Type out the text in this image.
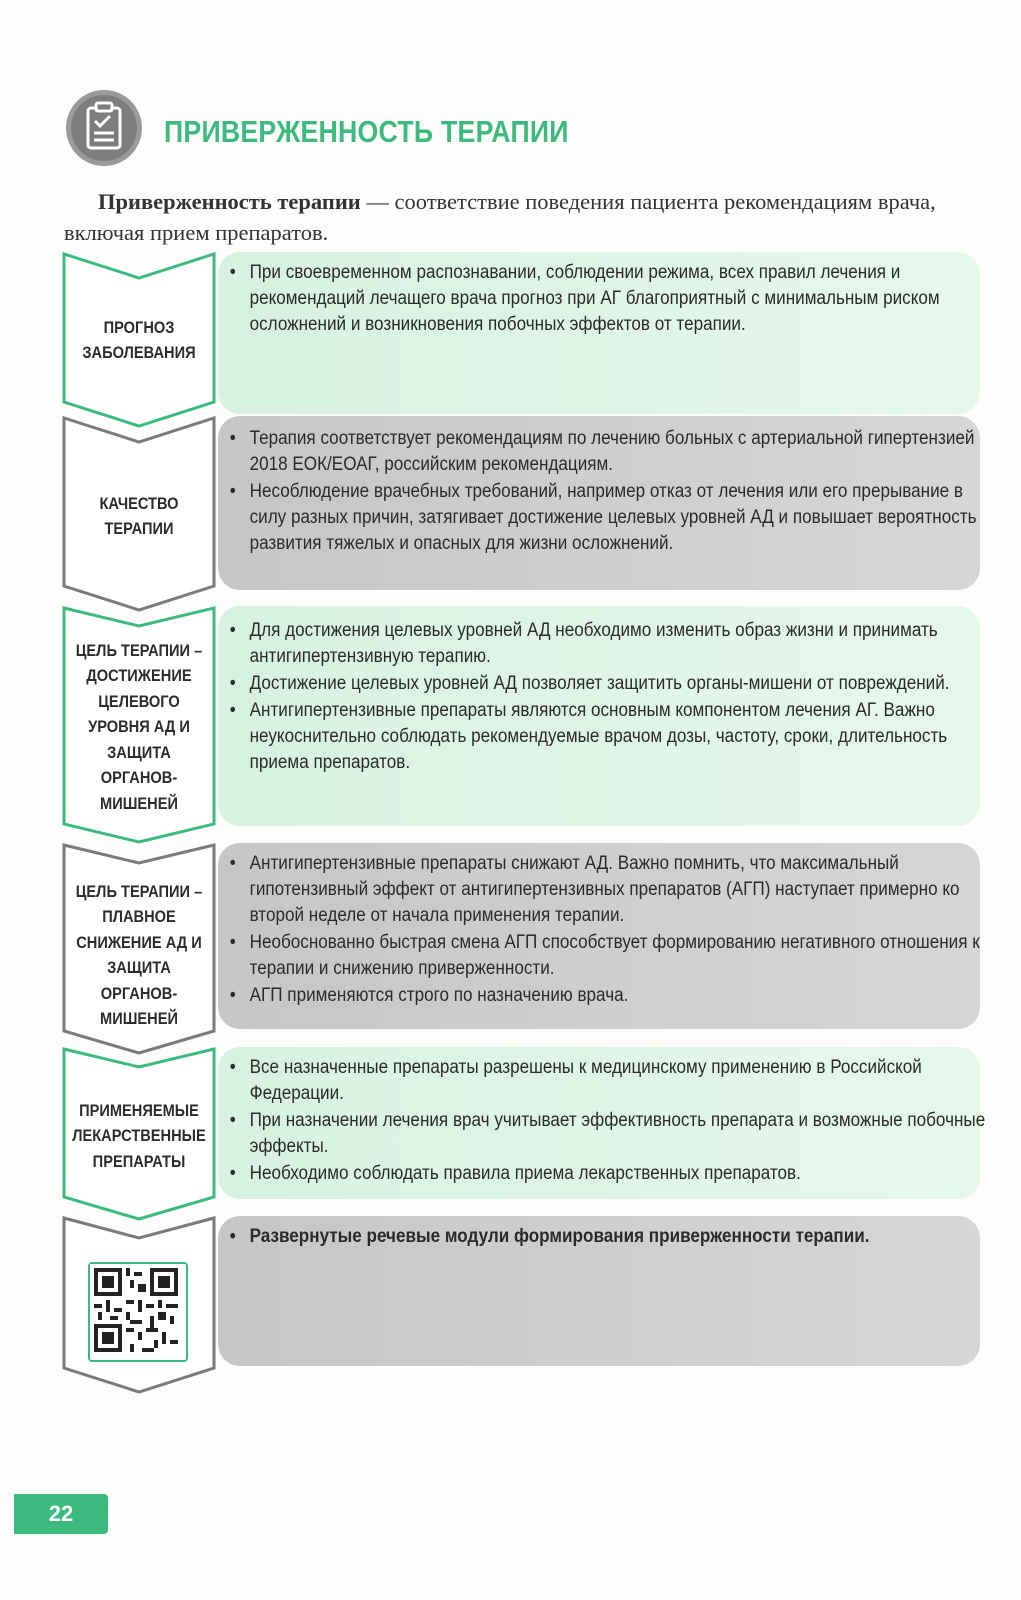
ПРИВЕРЖЕННОСТЬ ТЕРАПИИ

Приверженность терапии — соответствие поведения пациента рекомендациям врача, включая прием препаратов.

ПРОГНОЗ ЗАБОЛЕВАНИЯ
• При своевременном распознавании, соблюдении режима, всех правил лечения и рекомендаций лечащего врача прогноз при АГ благоприятный с минимальным риском осложнений и возникновения побочных эффектов от терапии.
КАЧЕСТВО ТЕРАПИИ
• Терапия соответствует рекомендациям по лечению больных с артериальной гипертензией 2018 ЕОК/ЕОАГ, российским рекомендациям.
• Несоблюдение врачебных требований, например отказ от лечения или его прерывание в силу разных причин, затягивает достижение целевых уровней АД и повышает вероятность развития тяжелых и опасных для жизни осложнений.
ЦЕЛЬ ТЕРАПИИ – ДОСТИЖЕНИЕ ЦЕЛЕВОГО УРОВНЯ АД И ЗАЩИТА ОРГАНОВ-МИШЕНЕЙ
• Для достижения целевых уровней АД необходимо изменить образ жизни и принимать антигипертензивную терапию.
• Достижение целевых уровней АД позволяет защитить органы-мишени от повреждений.
• Антигипертензивные препараты являются основным компонентом лечения АГ. Важно неукоснительно соблюдать рекомендуемые врачом дозы, частоту, сроки, длительность приема препаратов.
ЦЕЛЬ ТЕРАПИИ – ПЛАВНОЕ СНИЖЕНИЕ АД И ЗАЩИТА ОРГАНОВ-МИШЕНЕЙ
• Антигипертензивные препараты снижают АД. Важно помнить, что максимальный гипотензивный эффект от антигипертензивных препаратов (АГП) наступает примерно ко второй неделе от начала применения терапии.
• Необоснованно быстрая смена АГП способствует формированию негативного отношения к терапии и снижению приверженности.
• АГП применяются строго по назначению врача.
ПРИМЕНЯЕМЫЕ ЛЕКАРСТВЕННЫЕ ПРЕПАРАТЫ
• Все назначенные препараты разрешены к медицинскому применению в Российской Федерации.
• При назначении лечения врач учитывает эффективность препарата и возможные побочные эффекты.
• Необходимо соблюдать правила приема лекарственных препаратов.
• Развернутые речевые модули формирования приверженности терапии.
22
